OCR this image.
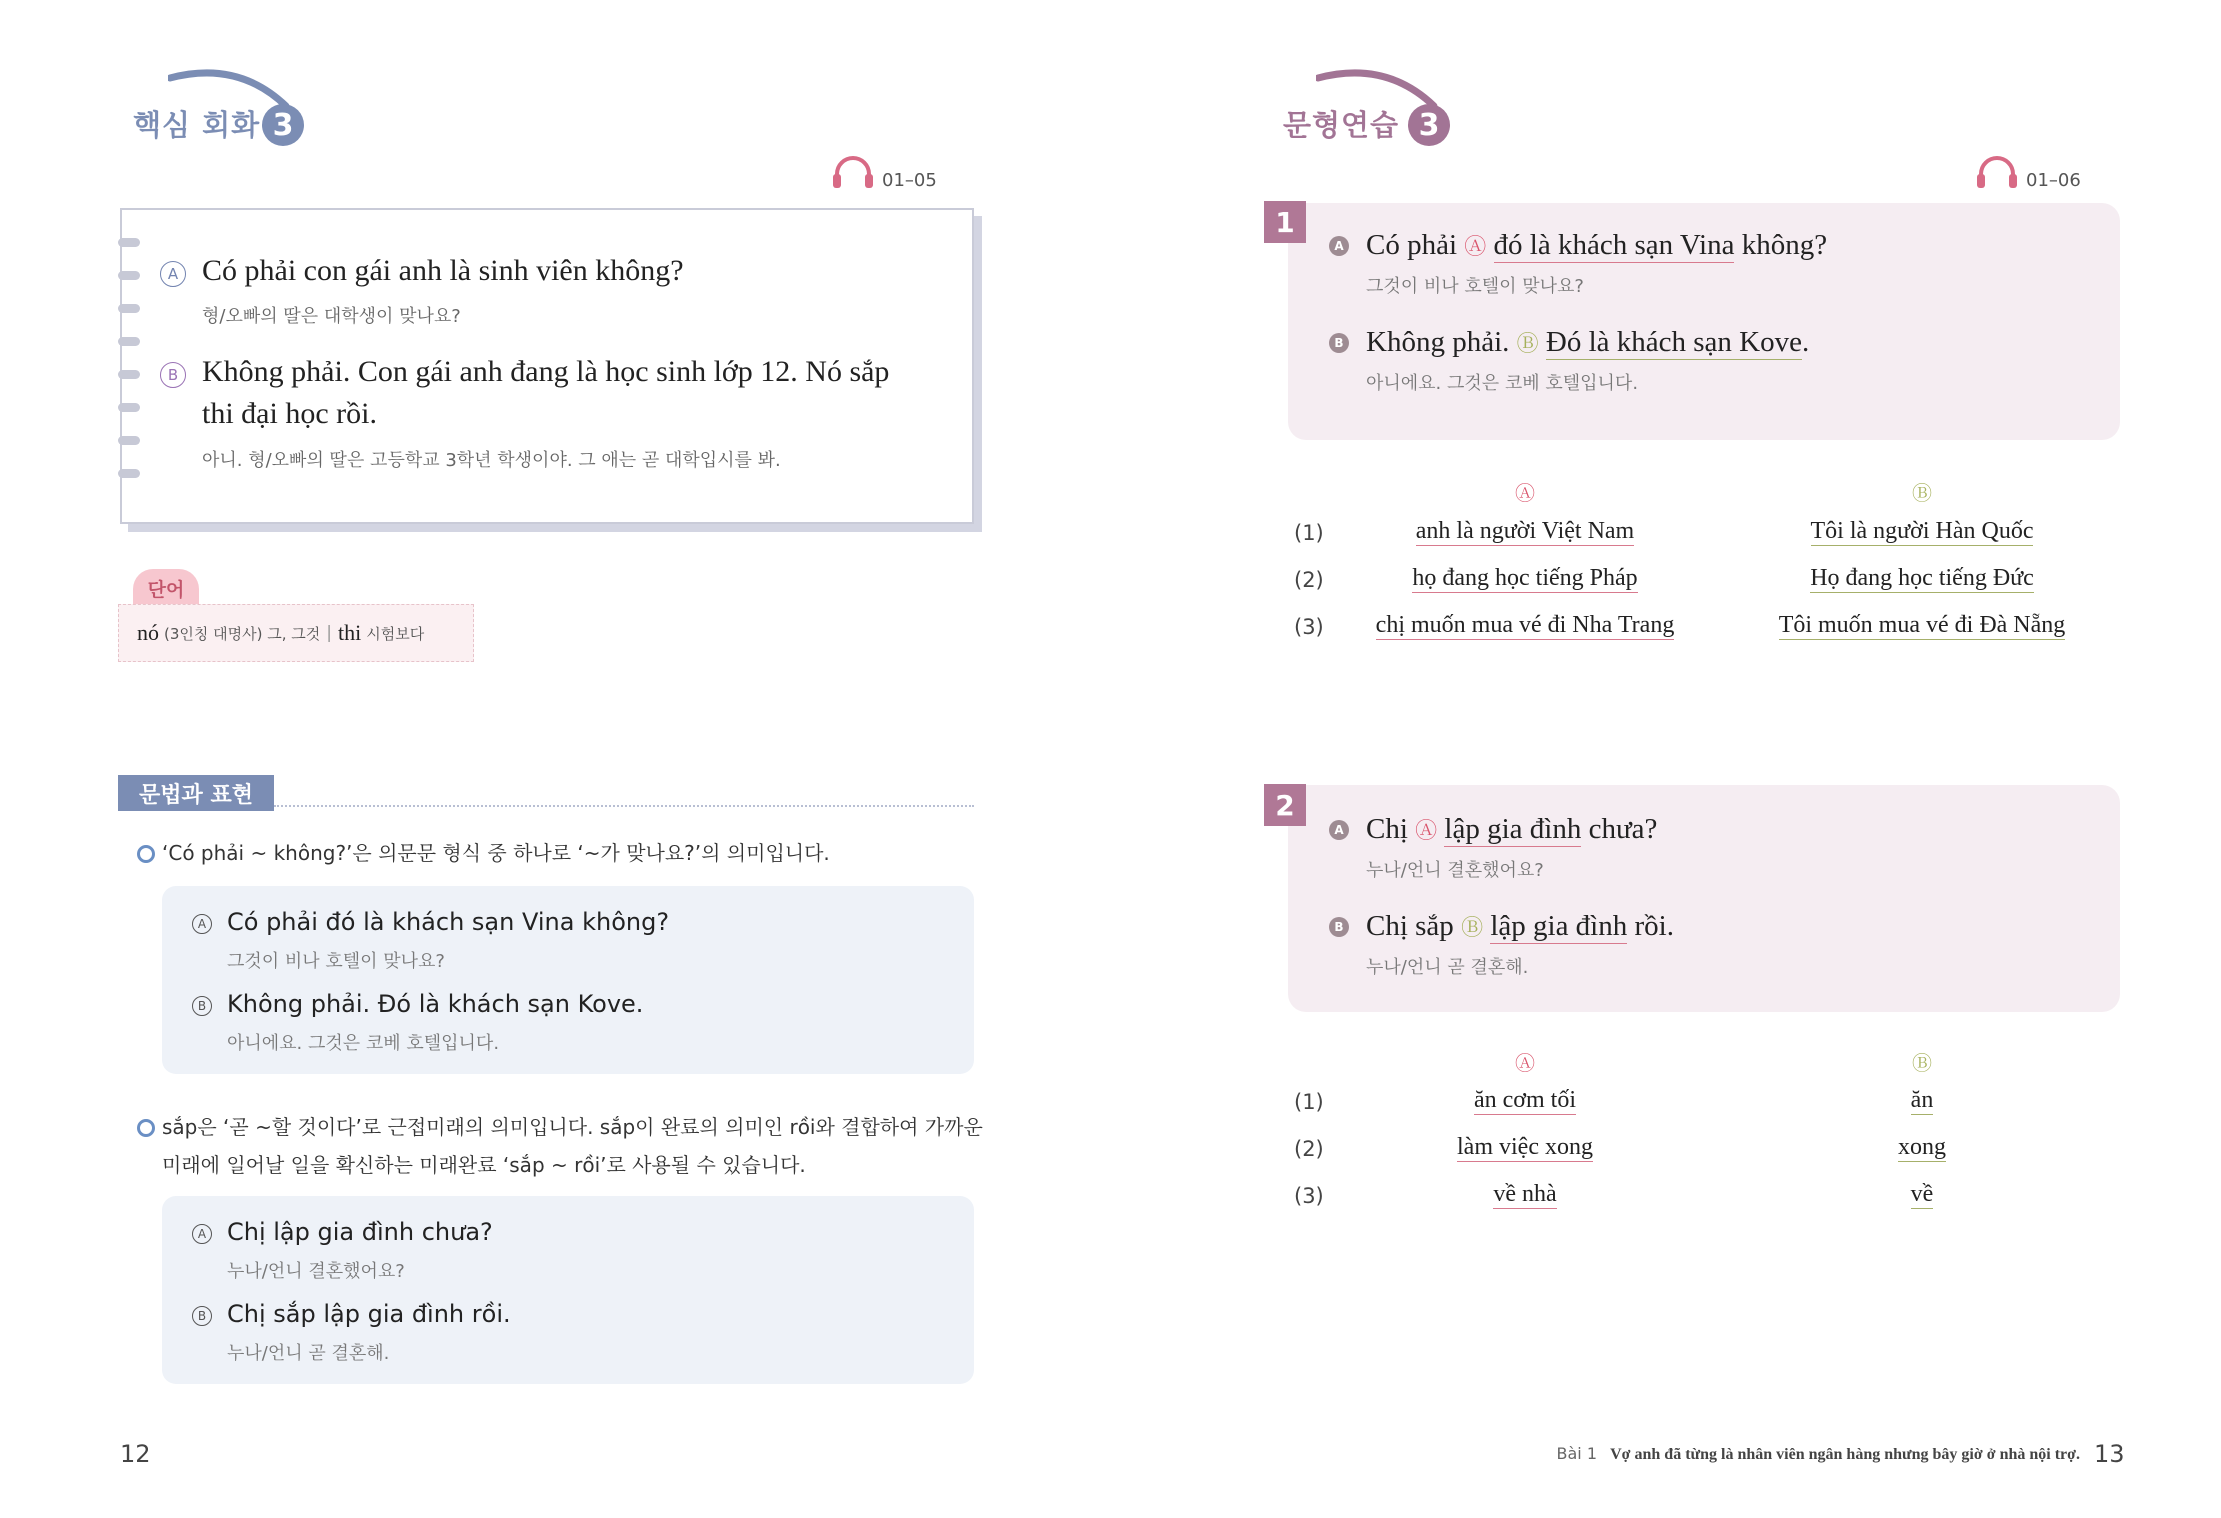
핵심 회화 3
01–05
A Có phải con gái anh là sinh viên không?
형/오빠의 딸은 대학생이 맞나요?
B Không phải. Con gái anh đang là học sinh lớp 12. Nó sắp
thi đại học rồi.
아니. 형/오빠의 딸은 고등학교 3학년 학생이야. 그 애는 곧 대학입시를 봐.
단어
nó (3인칭 대명사) 그, 그것 | thi 시험보다
문법과 표현
‘Có phải ~ không?’은 의문문 형식 중 하나로 ‘~가 맞나요?’의 의미입니다.
A Có phải đó là khách sạn Vina không?
그것이 비나 호텔이 맞나요?
B Không phải. Đó là khách sạn Kove.
아니에요. 그것은 코베 호텔입니다.
sắp은 ‘곧 ~할 것이다’로 근접미래의 의미입니다. sắp이 완료의 의미인 rồi와 결합하여 가까운
미래에 일어날 일을 확신하는 미래완료 ‘sắp ~ rồi’로 사용될 수 있습니다.
A Chị lập gia đình chưa?
누나/언니 결혼했어요?
B Chị sắp lập gia đình rồi.
누나/언니 곧 결혼해.
12
문형연습 3
01–06
1
A Có phải Ⓐ đó là khách sạn Vina không?
그것이 비나 호텔이 맞나요?
B Không phải. Ⓑ Đó là khách sạn Kove.
아니에요. 그것은 코베 호텔입니다.
Ⓐ	Ⓑ
(1)	anh là người Việt Nam	Tôi là người Hàn Quốc
(2)	họ đang học tiếng Pháp	Họ đang học tiếng Đức
(3)	chị muốn mua vé đi Nha Trang	Tôi muốn mua vé đi Đà Nẵng
2
A Chị Ⓐ lập gia đình chưa?
누나/언니 결혼했어요?
B Chị sắp Ⓑ lập gia đình rồi.
누나/언니 곧 결혼해.
Ⓐ	Ⓑ
(1)	ăn cơm tối	ăn
(2)	làm việc xong	xong
(3)	về nhà	về
Bài 1 Vợ anh đã từng là nhân viên ngân hàng nhưng bây giờ ở nhà nội trợ. 13
